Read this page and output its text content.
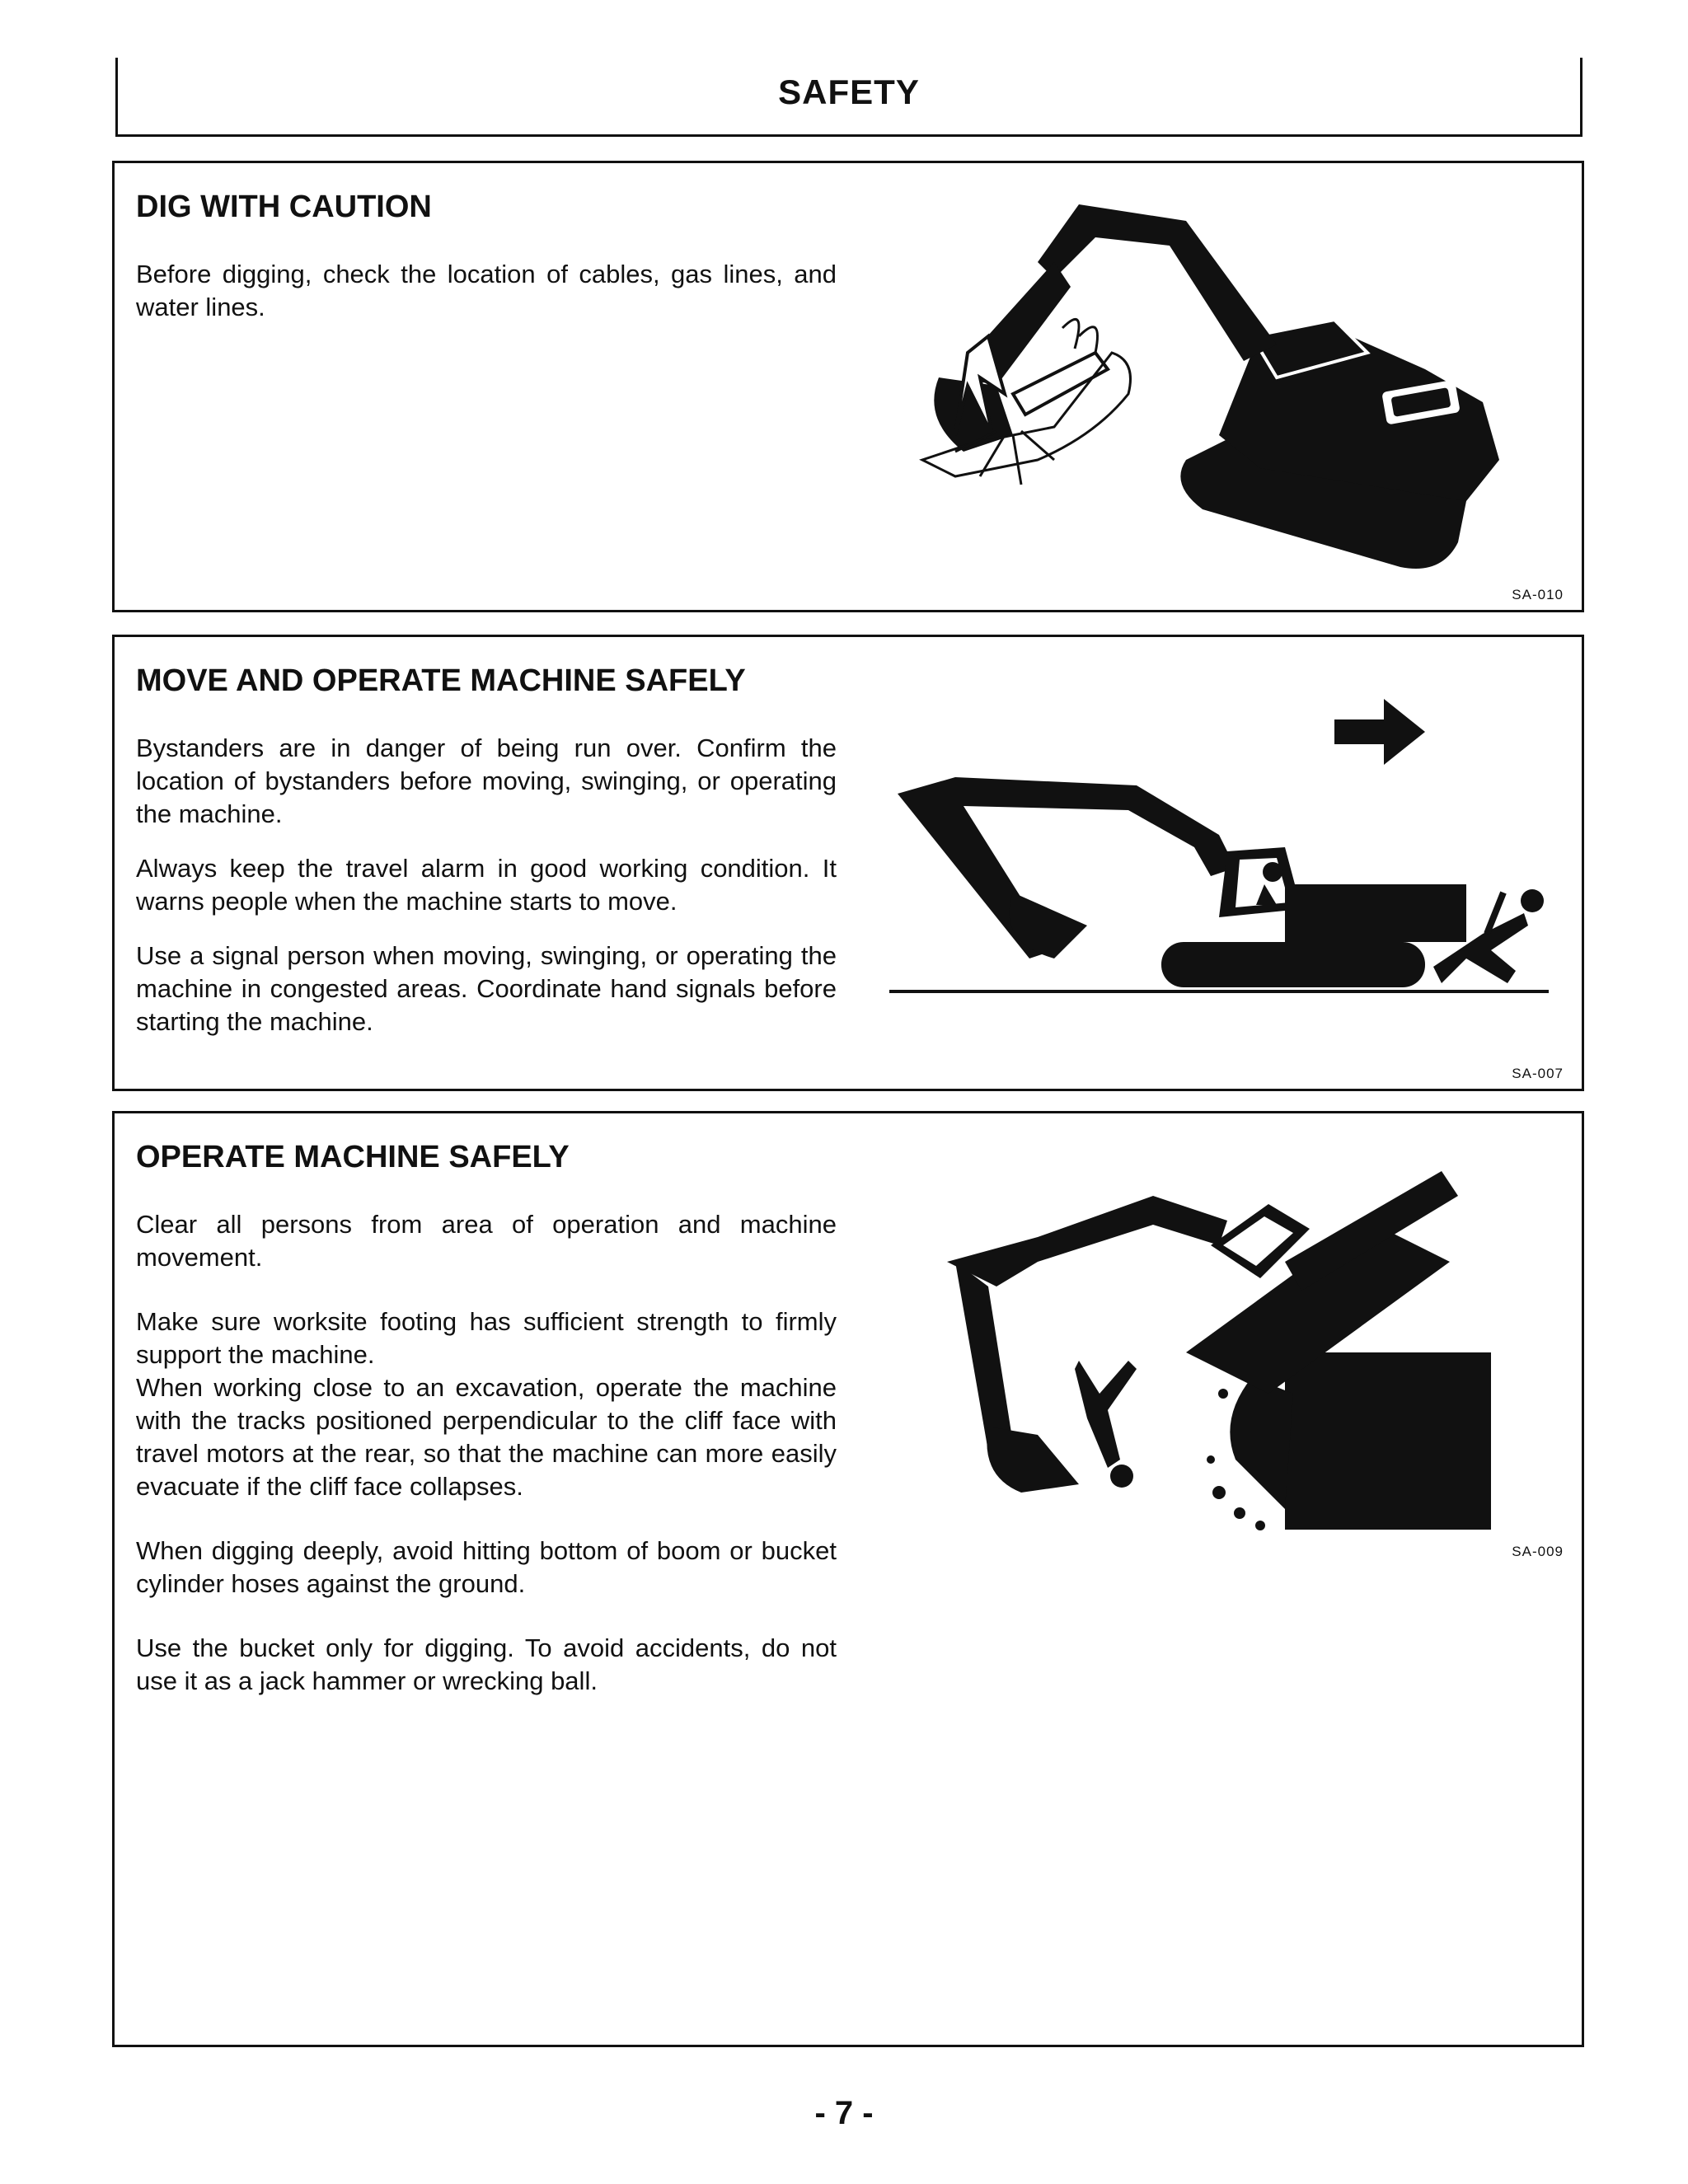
SAFETY
DIG WITH CAUTION

Before digging, check the location of cables, gas lines, and water lines.

SA-010
MOVE AND OPERATE MACHINE SAFELY

Bystanders are in danger of being run over. Confirm the location of bystanders before moving, swinging, or operating the machine.

Always keep the travel alarm in good working condition. It warns people when the machine starts to move.

Use a signal person when moving, swinging, or operating the machine in congested areas. Coordinate hand signals before starting the machine.

SA-007
OPERATE MACHINE SAFELY

Clear all persons from area of operation and machine movement.

Make sure worksite footing has sufficient strength to firmly support the machine.

When working close to an excavation, operate the machine with the tracks positioned perpendicular to the cliff face with travel motors at the rear, so that the machine can more easily evacuate if the cliff face collapses.

When digging deeply, avoid hitting bottom of boom or bucket cylinder hoses against the ground.

Use the bucket only for digging. To avoid accidents, do not use it as a jack hammer or wrecking ball.

SA-009
- 7 -
